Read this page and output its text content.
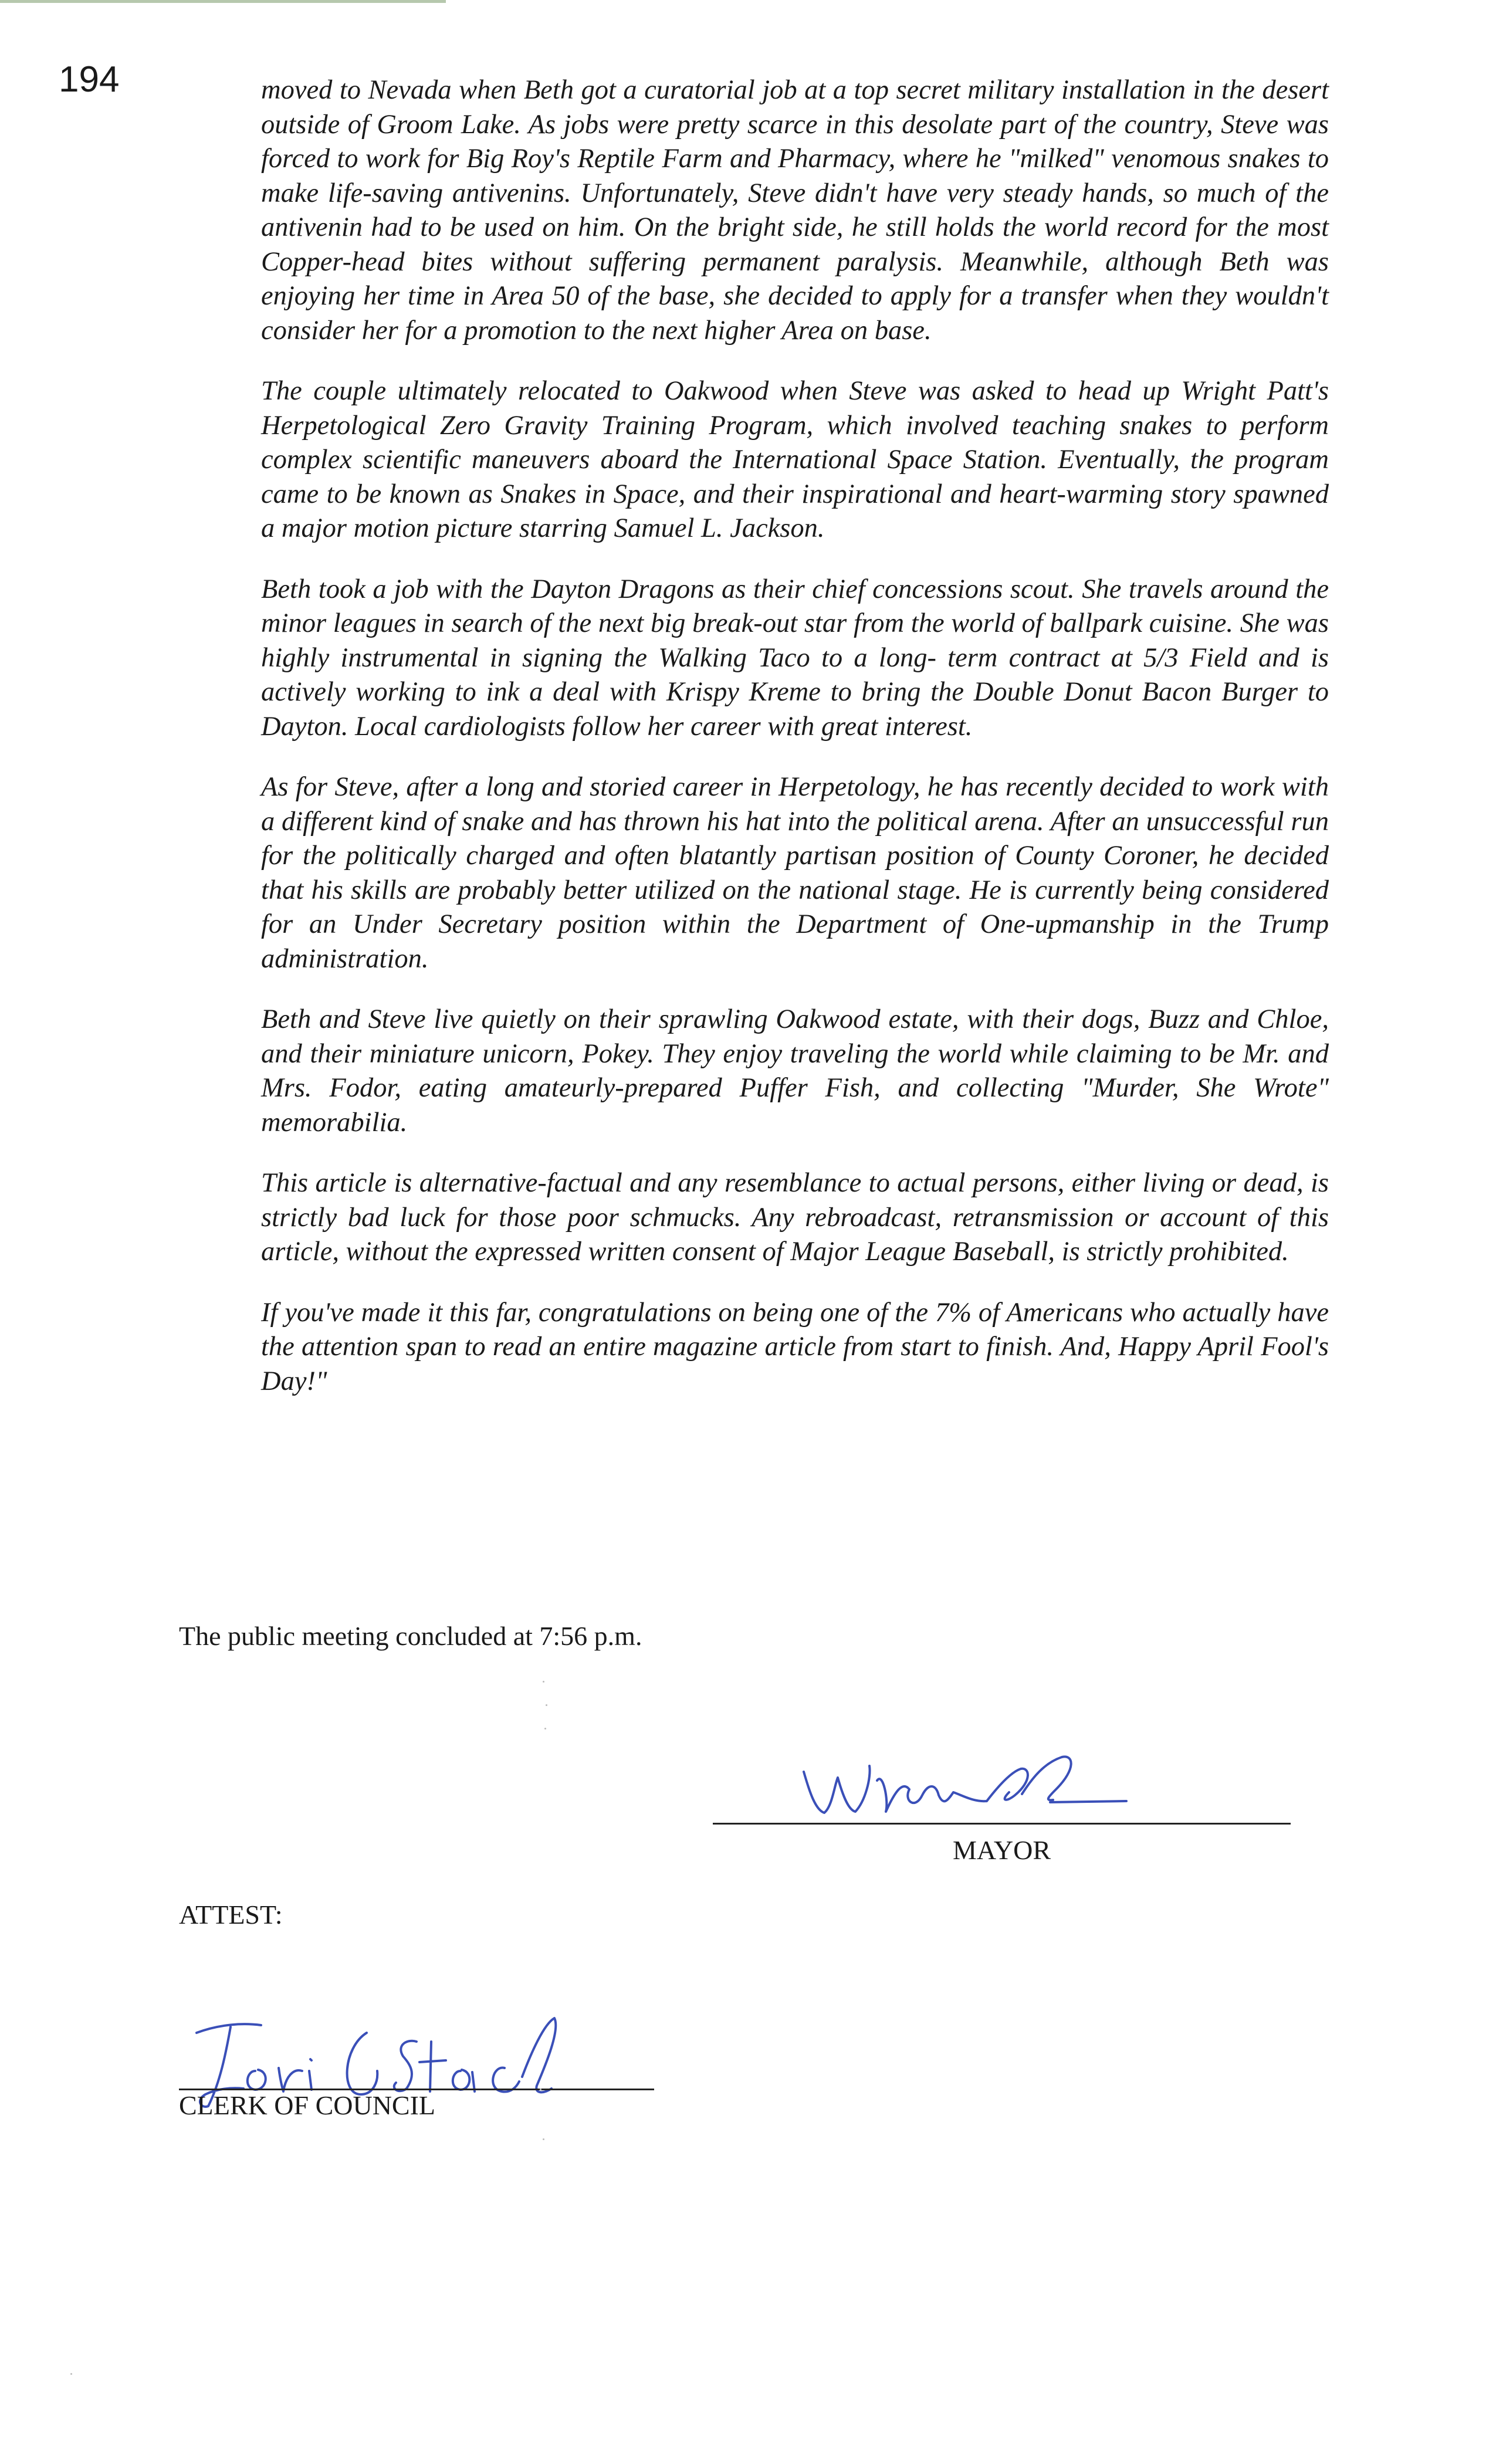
194	moved to Nevada when Beth got a curatorial job at a top secret military installation in the desert outside of Groom Lake. As jobs were pretty scarce in this desolate part of the country, Steve was forced to work for Big Roy's Reptile Farm and Pharmacy, where he "milked" venomous snakes to make life-saving antivenins. Unfortunately, Steve didn't have very steady hands, so much of the antivenin had to be used on him. On the bright side, he still holds the world record for the most Copper-head bites without suffering permanent paralysis. Meanwhile, although Beth was enjoying her time in Area 50 of the base, she decided to apply for a transfer when they wouldn't consider her for a promotion to the next higher Area on base.

The couple ultimately relocated to Oakwood when Steve was asked to head up Wright Patt's Herpetological Zero Gravity Training Program, which involved teaching snakes to perform complex scientific maneuvers aboard the International Space Station. Eventually, the program came to be known as Snakes in Space, and their inspirational and heart-warming story spawned a major motion picture starring Samuel L. Jackson.

Beth took a job with the Dayton Dragons as their chief concessions scout. She travels around the minor leagues in search of the next big break-out star from the world of ballpark cuisine. She was highly instrumental in signing the Walking Taco to a long- term contract at 5/3 Field and is actively working to ink a deal with Krispy Kreme to bring the Double Donut Bacon Burger to Dayton. Local cardiologists follow her career with great interest.

As for Steve, after a long and storied career in Herpetology, he has recently decided to work with a different kind of snake and has thrown his hat into the political arena. After an unsuccessful run for the politically charged and often blatantly partisan position of County Coroner, he decided that his skills are probably better utilized on the national stage. He is currently being considered for an Under Secretary position within the Department of One-upmanship in the Trump administration.

Beth and Steve live quietly on their sprawling Oakwood estate, with their dogs, Buzz and Chloe, and their miniature unicorn, Pokey. They enjoy traveling the world while claiming to be Mr. and Mrs. Fodor, eating amateurly-prepared Puffer Fish, and collecting "Murder, She Wrote" memorabilia.

This article is alternative-factual and any resemblance to actual persons, either living or dead, is strictly bad luck for those poor schmucks. Any rebroadcast, retransmission or account of this article, without the expressed written consent of Major League Baseball, is strictly prohibited.

If you've made it this far, congratulations on being one of the 7% of Americans who actually have the attention span to read an entire magazine article from start to finish. And, Happy April Fool's Day!"

The public meeting concluded at 7:56 p.m.

MAYOR
ATTEST:
CLERK OF COUNCIL
